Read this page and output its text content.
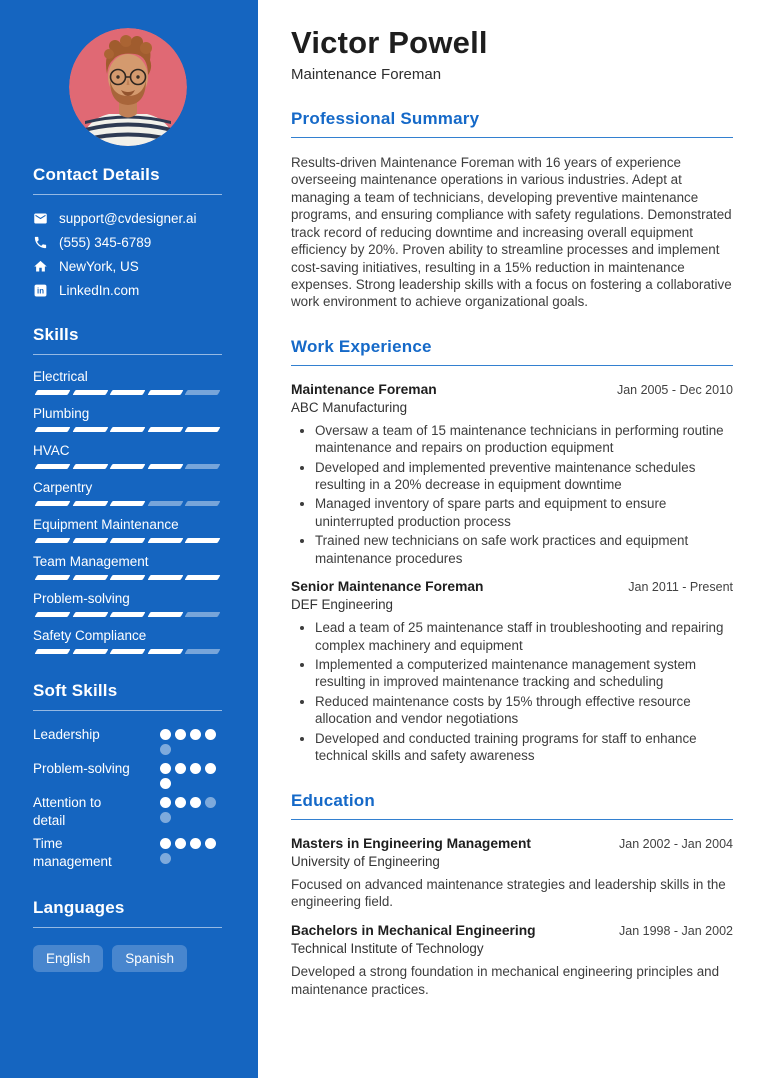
Contact Details
support@cvdesigner.ai
(555) 345-6789
NewYork, US
in LinkedIn.com
Skills
Electrical
Plumbing
HVAC
Carpentry
Equipment Maintenance
Team Management
Problem-solving
Safety Compliance
Soft Skills
Leadership
Problem-solving
Attention to detail
Time management
Languages
English	Spanish
Victor Powell
Maintenance Foreman
Professional Summary

Results-driven Maintenance Foreman with 16 years of experience overseeing maintenance operations in various industries. Adept at managing a team of technicians, developing preventive maintenance programs, and ensuring compliance with safety regulations. Demonstrated track record of reducing downtime and increasing overall equipment efficiency by 20%. Proven ability to streamline processes and implement cost-saving initiatives, resulting in a 15% reduction in maintenance expenses. Strong leadership skills with a focus on fostering a collaborative work environment to achieve organizational goals.

Work Experience
Maintenance Foreman	Jan 2005 - Dec 2010
ABC Manufacturing
• Oversaw a team of 15 maintenance technicians in performing routine maintenance and repairs on production equipment
• Developed and implemented preventive maintenance schedules resulting in a 20% decrease in equipment downtime
• Managed inventory of spare parts and equipment to ensure uninterrupted production process
• Trained new technicians on safe work practices and equipment maintenance procedures
Senior Maintenance Foreman	Jan 2011 - Present
DEF Engineering
• Lead a team of 25 maintenance staff in troubleshooting and repairing complex machinery and equipment
• Implemented a computerized maintenance management system resulting in improved maintenance tracking and scheduling
• Reduced maintenance costs by 15% through effective resource allocation and vendor negotiations
• Developed and conducted training programs for staff to enhance technical skills and safety awareness
Education
Masters in Engineering Management	Jan 2002 - Jan 2004
University of Engineering

Focused on advanced maintenance strategies and leadership skills in the engineering field.

Bachelors in Mechanical Engineering	Jan 1998 - Jan 2002
Technical Institute of Technology

Developed a strong foundation in mechanical engineering principles and maintenance practices.
